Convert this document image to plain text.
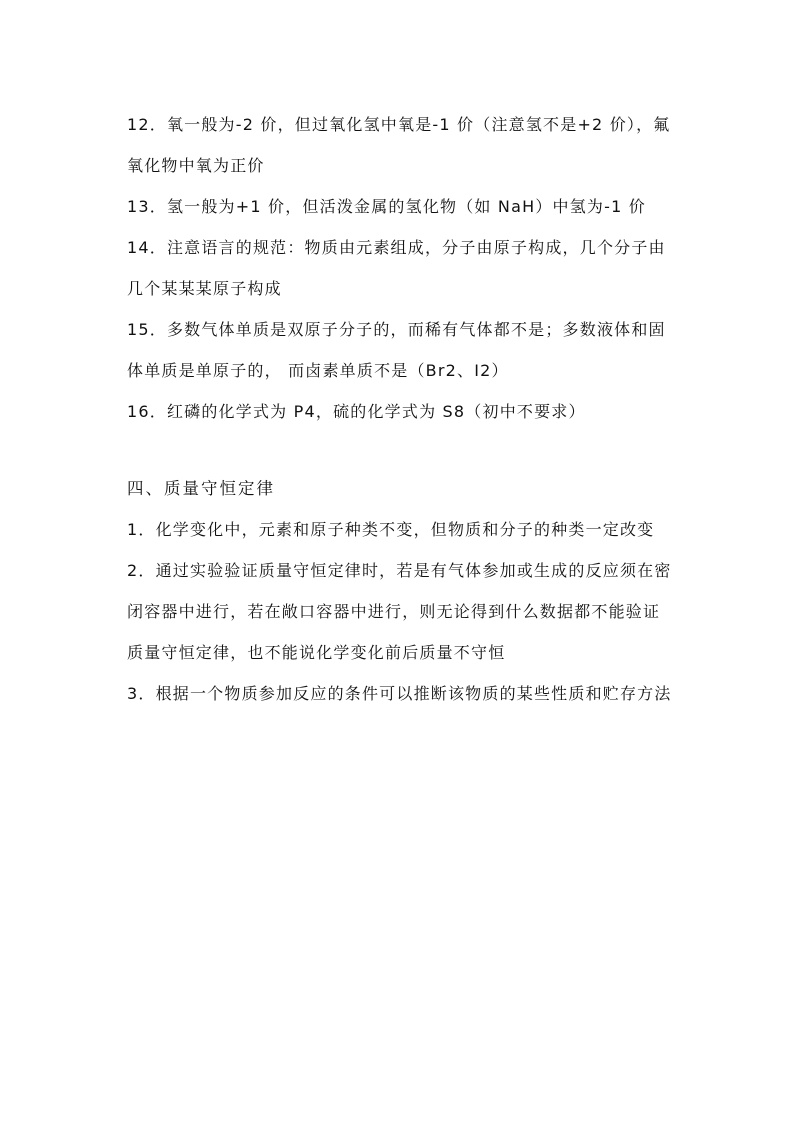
12．氧一般为-2 价，但过氧化氢中氧是-1 价（注意氢不是+2 价），氟氧化物中氧为正价

13．氢一般为+1 价，但活泼金属的氢化物（如 NaH）中氢为-1 价

14．注意语言的规范：物质由元素组成，分子由原子构成，几个分子由几个某某某原子构成

15．多数气体单质是双原子分子的，而稀有气体都不是；多数液体和固体单质是单原子的， 而卤素单质不是（Br2、I2）

16．红磷的化学式为 P4，硫的化学式为 S8（初中不要求）

四、质量守恒定律

1．化学变化中，元素和原子种类不变，但物质和分子的种类一定改变

2．通过实验验证质量守恒定律时，若是有气体参加或生成的反应须在密闭容器中进行，若在敞口容器中进行，则无论得到什么数据都不能验证质量守恒定律，也不能说化学变化前后质量不守恒

3．根据一个物质参加反应的条件可以推断该物质的某些性质和贮存方法
